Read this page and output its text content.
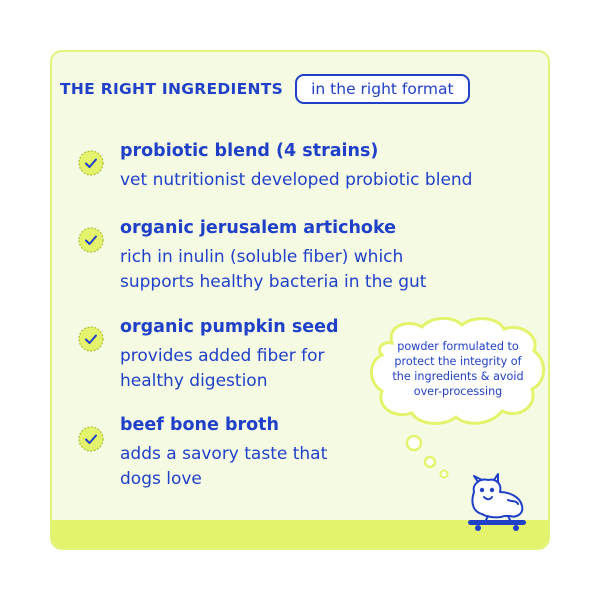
THE RIGHT INGREDIENTS	in the right format

probiotic blend (4 strains)

vet nutritionist developed probiotic blend

organic jerusalem artichoke

rich in inulin (soluble fiber) which

supports healthy bacteria in the gut

organic pumpkin seed

provides added fiber for

healthy digestion

beef bone broth

adds a savory taste that

dogs love

powder formulated to
protect the integrity of
the ingredients & avoid
over-processing
